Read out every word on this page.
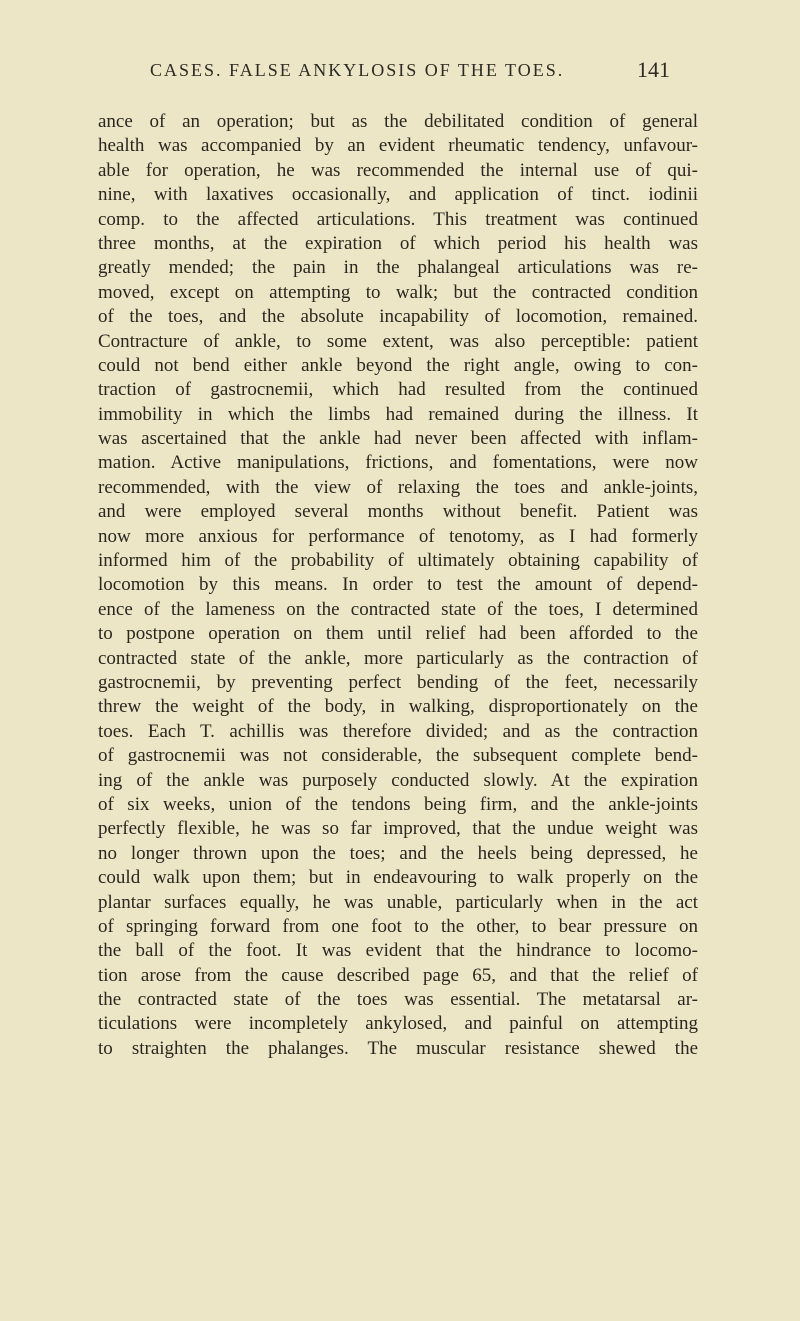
CASES. FALSE ANKYLOSIS OF THE TOES.	141
ance of an operation; but as the debilitated condition of general
health was accompanied by an evident rheumatic tendency, unfavour-
able for operation, he was recommended the internal use of qui-
nine, with laxatives occasionally, and application of tinct. iodinii
comp. to the affected articulations. This treatment was continued
three months, at the expiration of which period his health was
greatly mended; the pain in the phalangeal articulations was re-
moved, except on attempting to walk; but the contracted condition
of the toes, and the absolute incapability of locomotion, remained.
Contracture of ankle, to some extent, was also perceptible: patient
could not bend either ankle beyond the right angle, owing to con-
traction of gastrocnemii, which had resulted from the continued
immobility in which the limbs had remained during the illness. It
was ascertained that the ankle had never been affected with inflam-
mation. Active manipulations, frictions, and fomentations, were now
recommended, with the view of relaxing the toes and ankle-joints,
and were employed several months without benefit. Patient was
now more anxious for performance of tenotomy, as I had formerly
informed him of the probability of ultimately obtaining capability of
locomotion by this means. In order to test the amount of depend-
ence of the lameness on the contracted state of the toes, I determined
to postpone operation on them until relief had been afforded to the
contracted state of the ankle, more particularly as the contraction of
gastrocnemii, by preventing perfect bending of the feet, necessarily
threw the weight of the body, in walking, disproportionately on the
toes. Each T. achillis was therefore divided; and as the contraction
of gastrocnemii was not considerable, the subsequent complete bend-
ing of the ankle was purposely conducted slowly. At the expiration
of six weeks, union of the tendons being firm, and the ankle-joints
perfectly flexible, he was so far improved, that the undue weight was
no longer thrown upon the toes; and the heels being depressed, he
could walk upon them; but in endeavouring to walk properly on the
plantar surfaces equally, he was unable, particularly when in the act
of springing forward from one foot to the other, to bear pressure on
the ball of the foot. It was evident that the hindrance to locomo-
tion arose from the cause described page 65, and that the relief of
the contracted state of the toes was essential. The metatarsal ar-
ticulations were incompletely ankylosed, and painful on attempting
to straighten the phalanges. The muscular resistance shewed the
